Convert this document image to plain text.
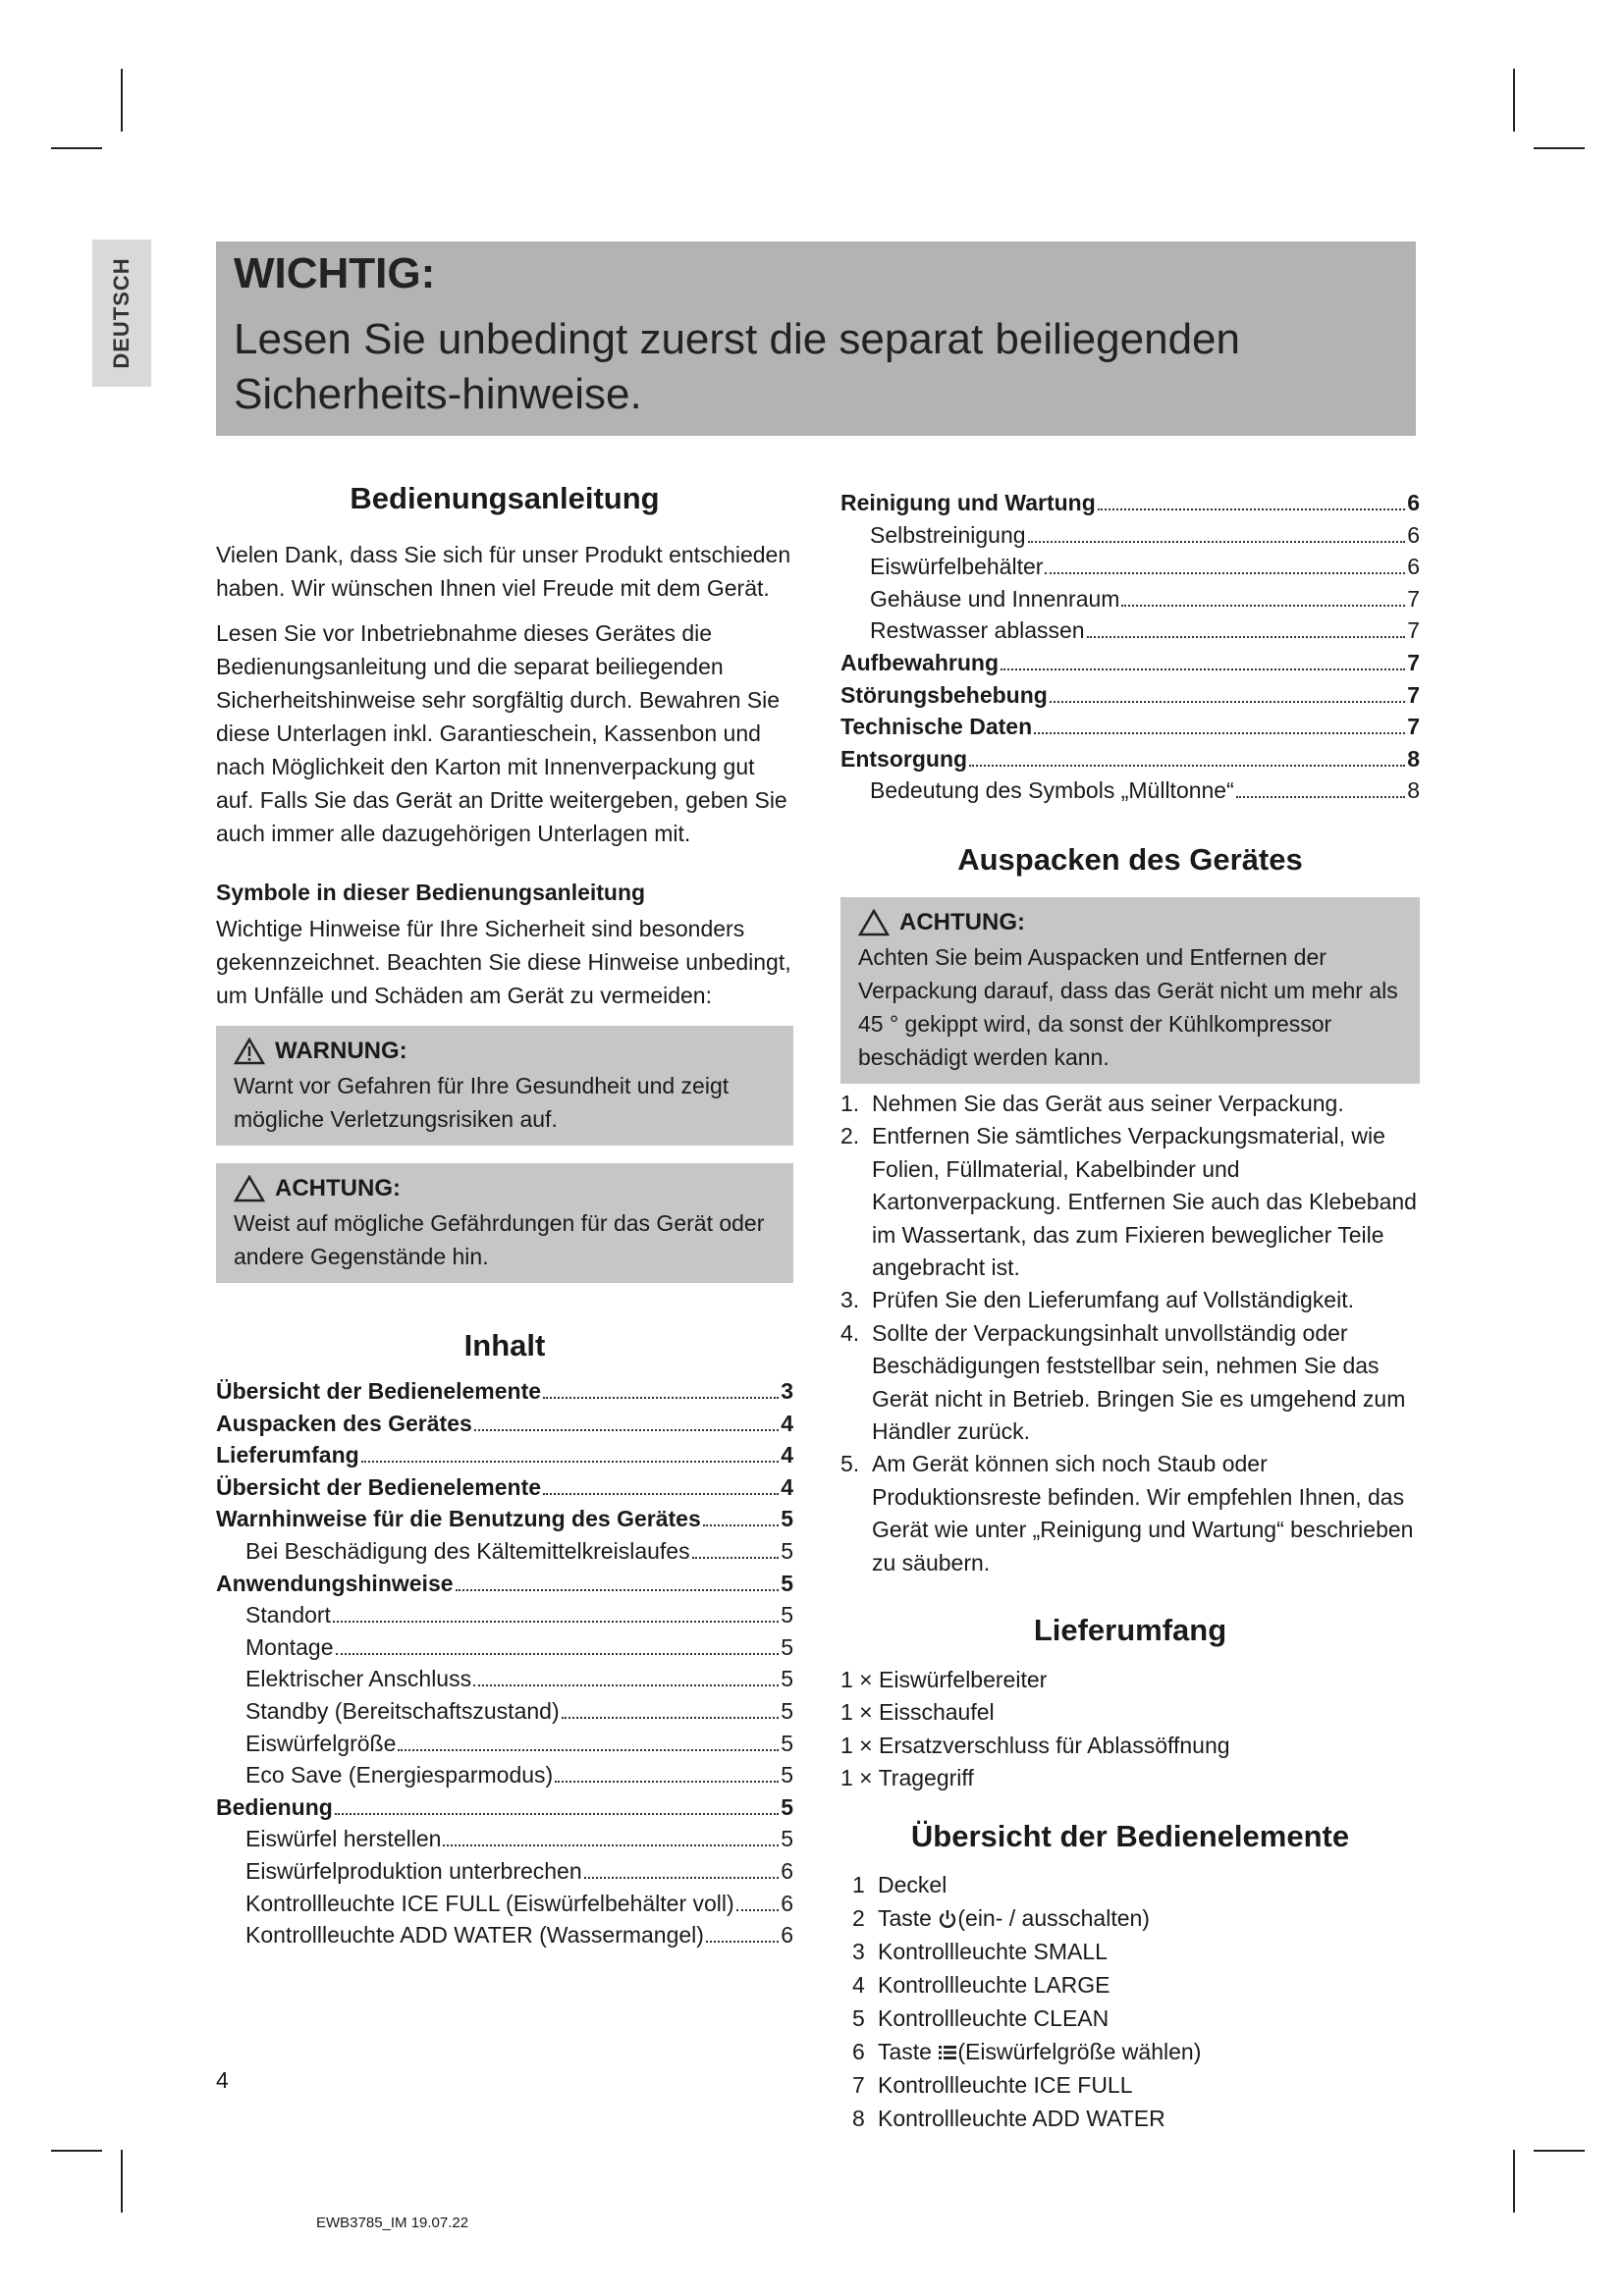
DEUTSCH WICHTIG:
Lesen Sie unbedingt zuerst die separat beiliegenden Sicherheits-hinweise.
Bedienungsanleitung

Vielen Dank, dass Sie sich für unser Produkt entschieden haben. Wir wünschen Ihnen viel Freude mit dem Gerät.

Lesen Sie vor Inbetriebnahme dieses Gerätes die Bedienungsanleitung und die separat beiliegenden Sicherheitshinweise sehr sorgfältig durch. Bewahren Sie diese Unterlagen inkl. Garantieschein, Kassenbon und nach Möglichkeit den Karton mit Innenverpackung gut auf. Falls Sie das Gerät an Dritte weitergeben, geben Sie auch immer alle dazugehörigen Unterlagen mit.

Symbole in dieser Bedienungsanleitung

Wichtige Hinweise für Ihre Sicherheit sind besonders gekennzeichnet. Beachten Sie diese Hinweise unbedingt, um Unfälle und Schäden am Gerät zu vermeiden:

WARNUNG:

Warnt vor Gefahren für Ihre Gesundheit und zeigt mögliche Verletzungsrisiken auf.

ACHTUNG:

Weist auf mögliche Gefährdungen für das Gerät oder andere Gegenstände hin.

Inhalt
Übersicht der Bedienelemente	3
Auspacken des Gerätes	4
Lieferumfang	4
Übersicht der Bedienelemente	4
Warnhinweise für die Benutzung des Gerätes	5
Bei Beschädigung des Kältemittelkreislaufes	5
Anwendungshinweise	5
Standort	5
Montage	5
Elektrischer Anschluss	5
Standby (Bereitschaftszustand)	5
Eiswürfelgröße	5
Eco Save (Energiesparmodus)	5
Bedienung	5
Eiswürfel herstellen	5
Eiswürfelproduktion unterbrechen	6
Kontrollleuchte ICE FULL (Eiswürfelbehälter voll) 6
Kontrollleuchte ADD WATER (Wassermangel)	6
Reinigung und Wartung	6
Selbstreinigung	6
Eiswürfelbehälter	6
Gehäuse und Innenraum	7
Restwasser ablassen	7
Aufbewahrung	7
Störungsbehebung	7
Technische Daten	7
Entsorgung	8
Bedeutung des Symbols „Mülltonne“	8
Auspacken des Gerätes
ACHTUNG:

Achten Sie beim Auspacken und Entfernen der Verpackung darauf, dass das Gerät nicht um mehr als 45 ° gekippt wird, da sonst der Kühlkompressor beschädigt werden kann.

1. Nehmen Sie das Gerät aus seiner Verpackung.
2. Entfernen Sie sämtliches Verpackungsmaterial, wie Folien, Füllmaterial, Kabelbinder und Kartonverpackung. Entfernen Sie auch das Klebeband im Wassertank, das zum Fixieren beweglicher Teile angebracht ist.
3. Prüfen Sie den Lieferumfang auf Vollständigkeit.
4. Sollte der Verpackungsinhalt unvollständig oder Beschädigungen feststellbar sein, nehmen Sie das Gerät nicht in Betrieb. Bringen Sie es umgehend zum Händler zurück.
5. Am Gerät können sich noch Staub oder Produktionsreste befinden. Wir empfehlen Ihnen, das Gerät wie unter „Reinigung und Wartung“ beschrieben zu säubern.
Lieferumfang
1 × Eiswürfelbereiter
1 × Eisschaufel
1 × Ersatzverschluss für Ablassöffnung
1 × Tragegriff
Übersicht der Bedienelemente
1 Deckel
2 Taste (ein- / ausschalten)
3 Kontrollleuchte SMALL
4 Kontrollleuchte LARGE
5 Kontrollleuchte CLEAN
6 Taste (Eiswürfelgröße wählen)
7 Kontrollleuchte ICE FULL
8 Kontrollleuchte ADD WATER
4
EWB3785_IM 19.07.22
